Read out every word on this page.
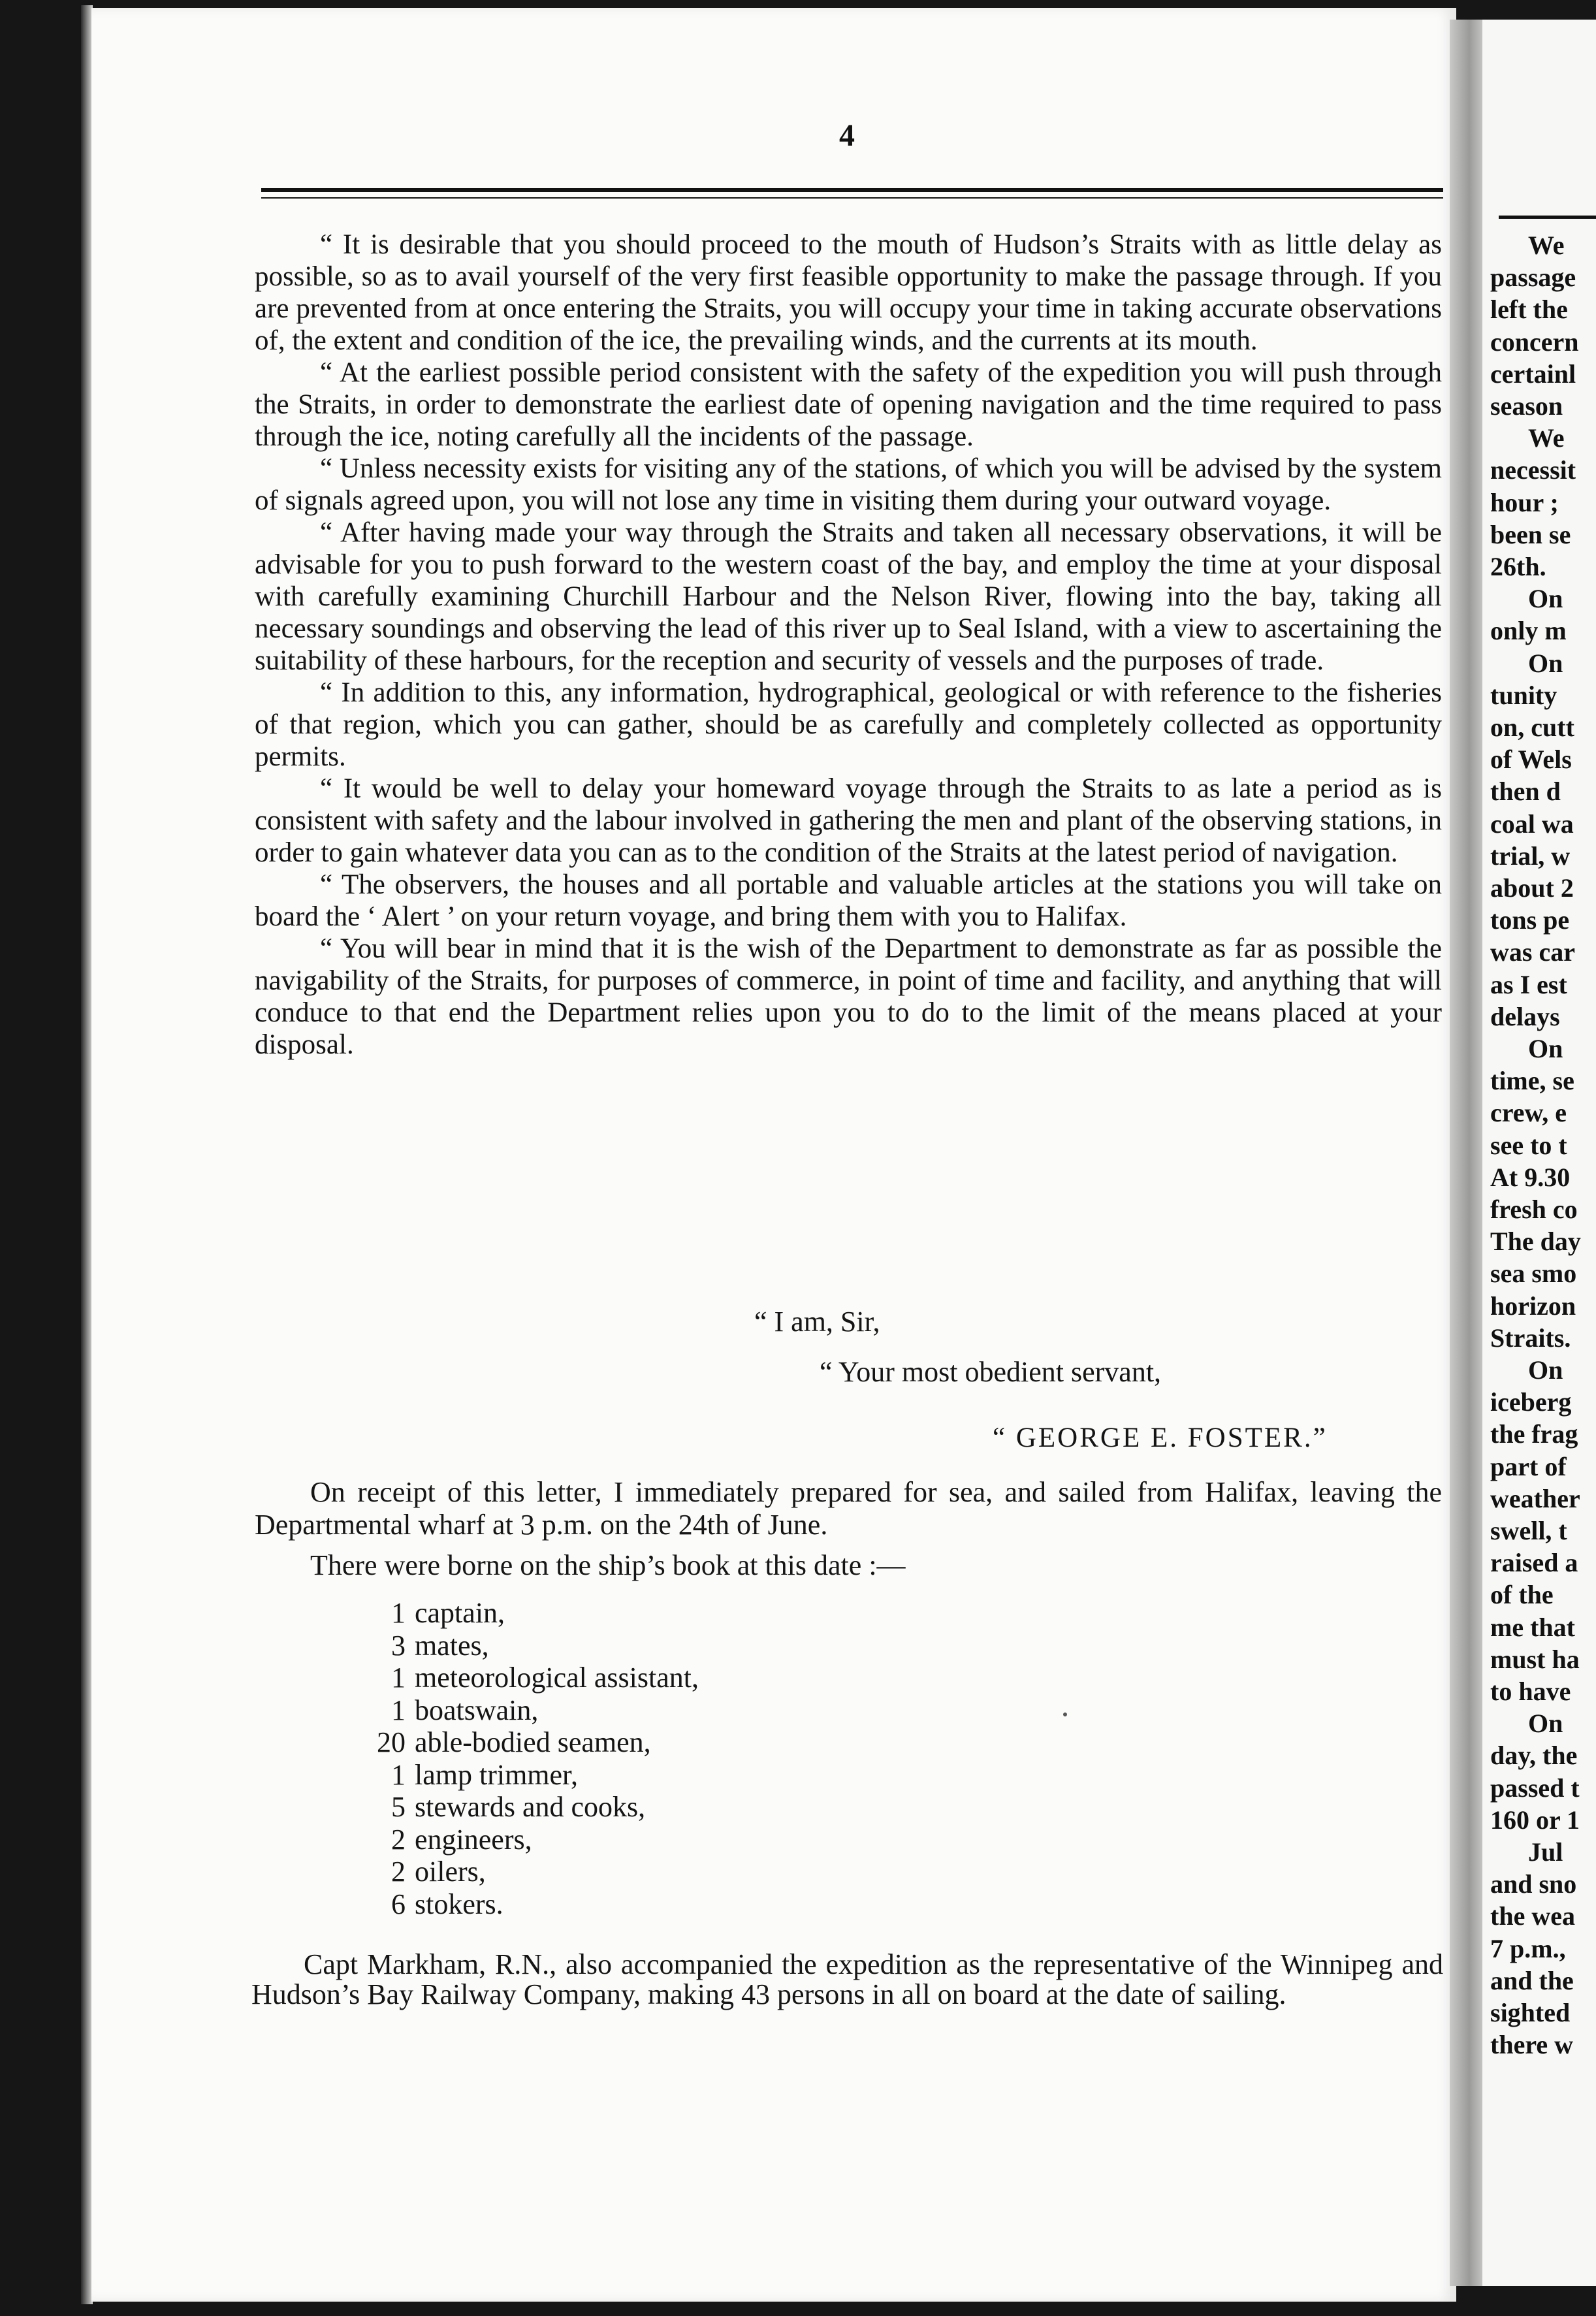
4

“ It is desirable that you should proceed to the mouth of Hudson’s Straits with as little delay as possible, so as to avail yourself of the very first feasible opportunity to make the passage through. If you are prevented from at once entering the Straits, you will occupy your time in taking accurate observations of, the extent and condition of the ice, the prevailing winds, and the currents at its mouth.

“ At the earliest possible period consistent with the safety of the expedition you will push through the Straits, in order to demonstrate the earliest date of opening navigation and the time required to pass through the ice, noting carefully all the incidents of the passage.

“ Unless necessity exists for visiting any of the stations, of which you will be advised by the system of signals agreed upon, you will not lose any time in visiting them during your outward voyage.

“ After having made your way through the Straits and taken all necessary observations, it will be advisable for you to push forward to the western coast of the bay, and employ the time at your disposal with carefully examining Churchill Harbour and the Nelson River, flowing into the bay, taking all necessary soundings and observing the lead of this river up to Seal Island, with a view to ascertaining the suitability of these harbours, for the reception and security of vessels and the purposes of trade.

“ In addition to this, any information, hydrographical, geological or with reference to the fisheries of that region, which you can gather, should be as carefully and completely collected as opportunity permits.

“ It would be well to delay your homeward voyage through the Straits to as late a period as is consistent with safety and the labour involved in gathering the men and plant of the observing stations, in order to gain whatever data you can as to the condition of the Straits at the latest period of navigation.

“ The observers, the houses and all portable and valuable articles at the stations you will take on board the ‘ Alert ’ on your return voyage, and bring them with you to Halifax.

“ You will bear in mind that it is the wish of the Department to demonstrate as far as possible the navigability of the Straits, for purposes of commerce, in point of time and facility, and anything that will conduce to that end the Department relies upon you to do to the limit of the means placed at your disposal.

“ I am, Sir,
“ Your most obedient servant,
“ GEORGE E. FOSTER.”

On receipt of this letter, I immediately prepared for sea, and sailed from Halifax, leaving the Departmental wharf at 3 p.m. on the 24th of June.

There were borne on the ship’s book at this date :—

1 captain,
3 mates,
1 meteorological assistant,
1 boatswain,
20 able-bodied seamen,
1 lamp trimmer,
5 stewards and cooks,
2 engineers,
2 oilers,
6 stokers.

Capt Markham, R.N., also accompanied the expedition as the representative of the Winnipeg and Hudson’s Bay Railway Company, making 43 persons in all on board at the date of sailing.

We
passage
left the
concern
certainl
season
We
necessit
hour ;
been se
26th.
On
only m
On
tunity
on, cutt
of Wels
then d
coal wa
trial, w
about 2
tons pe
was car
as I est
delays
On
time, se
crew, e
see to t
At 9.30
fresh co
The day
sea smo
horizon
Straits.
On
iceberg
the frag
part of
weather
swell, t
raised a
of the
me that
must ha
to have
On
day, the
passed t
160 or 1
Jul
and sno
the wea
7 p.m.,
and the
sighted
there w
